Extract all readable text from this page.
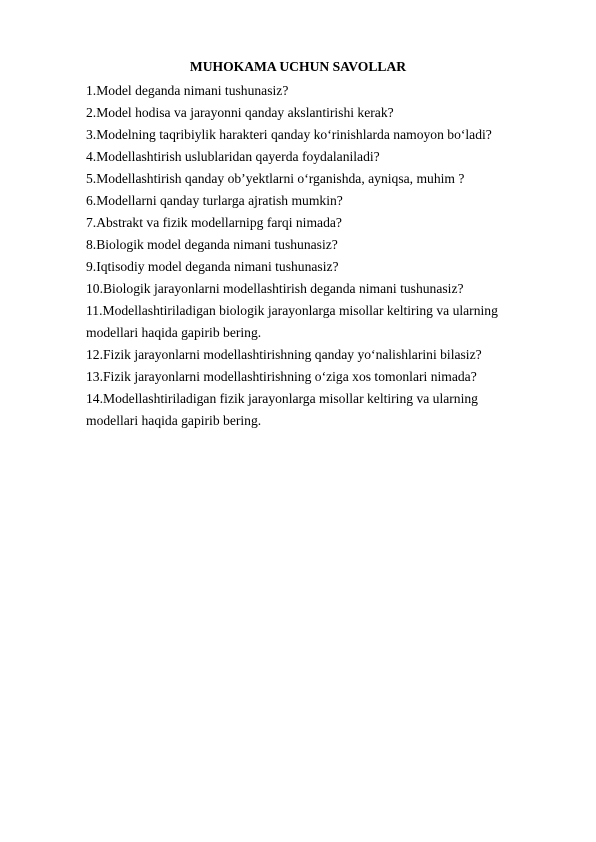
MUHOKAMA UCHUN SAVOLLAR
1.Model deganda nimani tushunasiz?
2.Model hodisa va jarayonni qanday akslantirishi kerak?
3.Modelning taqribiylik harakteri qanday ko‘rinishlarda namoyon bo‘ladi?
4.Modellashtirish uslublaridan qayerda foydalaniladi?
5.Modellashtirish qanday ob’yektlarni o‘rganishda, ayniqsa, muhim ?
6.Modellarni qanday turlarga ajratish mumkin?
7.Abstrakt va fizik modellarnipg farqi nimada?
8.Biologik model deganda nimani tushunasiz?
9.Iqtisodiy model deganda nimani tushunasiz?
10.Biologik jarayonlarni modellashtirish deganda nimani tushunasiz?
11.Modellashtiriladigan biologik jarayonlarga misollar keltiring va ularning
modellari haqida gapirib bering.
12.Fizik jarayonlarni modellashtirishning qanday yo‘nalishlarini bilasiz?
13.Fizik jarayonlarni modellashtirishning o‘ziga xos tomonlari nimada?
14.Modellashtiriladigan fizik jarayonlarga misollar keltiring va ularning
modellari haqida gapirib bering.
